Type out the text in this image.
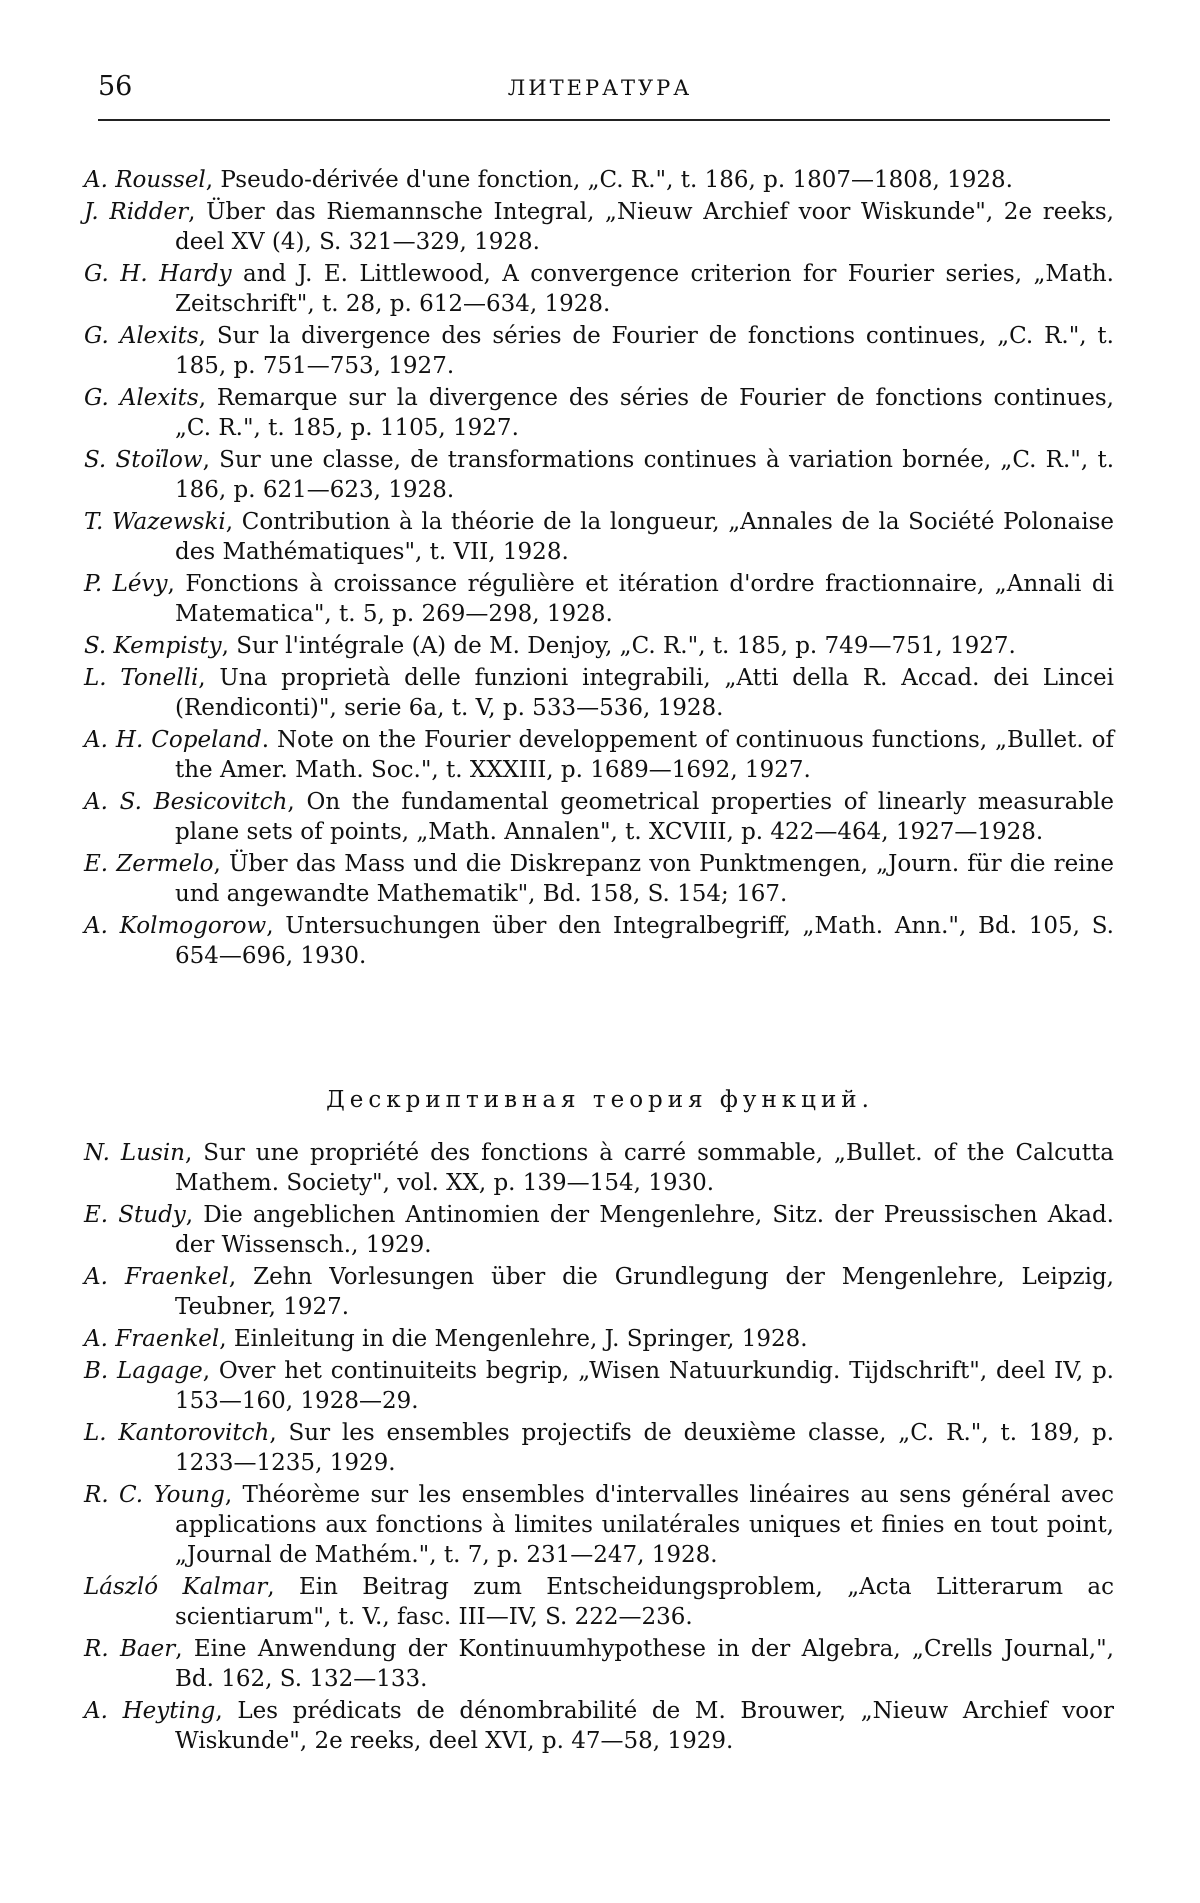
56	ЛИТЕРАТУРА

A. Roussel, Pseudo-dérivée d'une fonction, „C. R.", t. 186, p. 1807—1808, 1928.

J. Ridder, Über das Riemannsche Integral, „Nieuw Archief voor Wiskunde", 2e reeks, deel XV (4), S. 321—329, 1928.

G. H. Hardy and J. E. Littlewood, A convergence criterion for Fourier series, „Math. Zeitschrift", t. 28, p. 612—634, 1928.

G. Alexits, Sur la divergence des séries de Fourier de fonctions continues, „C. R.", t. 185, p. 751—753, 1927.

G. Alexits, Remarque sur la divergence des séries de Fourier de fonctions continues, „C. R.", t. 185, p. 1105, 1927.

S. Stoïlow, Sur une classe, de transformations continues à variation bornée, „C. R.", t. 186, p. 621—623, 1928.

T. Wazewski, Contribution à la théorie de la longueur, „Annales de la Société Polonaise des Mathématiques", t. VII, 1928.

P. Lévy, Fonctions à croissance régulière et itération d'ordre fractionnaire, „Annali di Matematica", t. 5, p. 269—298, 1928.

S. Kempisty, Sur l'intégrale (A) de M. Denjoy, „C. R.", t. 185, p. 749—751, 1927.

L. Tonelli, Una proprietà delle funzioni integrabili, „Atti della R. Accad. dei Lincei (Rendiconti)", serie 6a, t. V, p. 533—536, 1928.

A. H. Copeland. Note on the Fourier developpement of continuous functions, „Bullet. of the Amer. Math. Soc.", t. XXXIII, p. 1689—1692, 1927.

A. S. Besicovitch, On the fundamental geometrical properties of linearly measurable plane sets of points, „Math. Annalen", t. XCVIII, p. 422—464, 1927—1928.

E. Zermelo, Über das Mass und die Diskrepanz von Punktmengen, „Journ. für die reine und angewandte Mathematik", Bd. 158, S. 154; 167.

A. Kolmogorow, Untersuchungen über den Integralbegriff, „Math. Ann.", Bd. 105, S. 654—696, 1930.

Дескриптивная теория функций.

N. Lusin, Sur une propriété des fonctions à carré sommable, „Bullet. of the Calcutta Mathem. Society", vol. XX, p. 139—154, 1930.

E. Study, Die angeblichen Antinomien der Mengenlehre, Sitz. der Preussischen Akad. der Wissensch., 1929.

A. Fraenkel, Zehn Vorlesungen über die Grundlegung der Mengenlehre, Leipzig, Teubner, 1927.

A. Fraenkel, Einleitung in die Mengenlehre, J. Springer, 1928.

B. Lagage, Over het continuiteits begrip, „Wisen Natuurkundig. Tijdschrift", deel IV, p. 153—160, 1928—29.

L. Kantorovitch, Sur les ensembles projectifs de deuxième classe, „C. R.", t. 189, p. 1233—1235, 1929.

R. C. Young, Théorème sur les ensembles d'intervalles linéaires au sens général avec applications aux fonctions à limites unilatérales uniques et finies en tout point, „Journal de Mathém.", t. 7, p. 231—247, 1928.

László Kalmar, Ein Beitrag zum Entscheidungsproblem, „Acta Litterarum ac scientiarum", t. V., fasc. III—IV, S. 222—236.

R. Baer, Eine Anwendung der Kontinuumhypothese in der Algebra, „Crells Journal,", Bd. 162, S. 132—133.

A. Heyting, Les prédicats de dénombrabilité de M. Brouwer, „Nieuw Archief voor Wiskunde", 2e reeks, deel XVI, p. 47—58, 1929.
